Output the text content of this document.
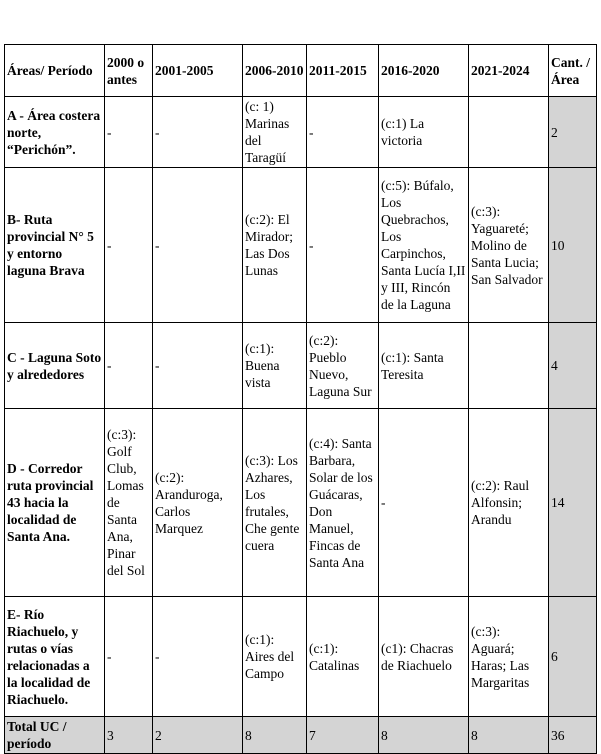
Áreas/ Período	2000 o antes	2001-2005	2006-2010	2011-2015	2016-2020	2021-2024	Cant. / Área
A - Área costera norte, “Perichón”.	-	-	(c: 1) Marinas del Taragüí	-	(c:1) La victoria		2
B- Ruta provincial N° 5 y entorno laguna Brava	-	-	(c:2): El Mirador; Las Dos Lunas	-	(c:5): Búfalo, Los Quebrachos, Los Carpinchos, Santa Lucía I,II y III, Rincón de la Laguna	(c:3): Yaguareté; Molino de Santa Lucia; San Salvador	10
C - Laguna Soto y alrededores	-	-	(c:1): Buena vista	(c:2): Pueblo Nuevo, Laguna Sur	(c:1): Santa Teresita		4
D - Corredor ruta provincial 43 hacia la localidad de Santa Ana.	(c:3): Golf Club, Lomas de Santa Ana, Pinar del Sol	(c:2): Aranduroga, Carlos Marquez	(c:3): Los Azhares, Los frutales, Che gente cuera	(c:4): Santa Barbara, Solar de los Guácaras, Don Manuel, Fincas de Santa Ana	-	(c:2): Raul Alfonsin; Arandu	14
E- Río Riachuelo, y rutas o vías relacionadas a la localidad de Riachuelo.	-	-	(c:1): Aires del Campo	(c:1): Catalinas	(c1): Chacras de Riachuelo	(c:3): Aguará; Haras; Las Margaritas	6
Total UC / período	3	2	8	7	8	8	36
